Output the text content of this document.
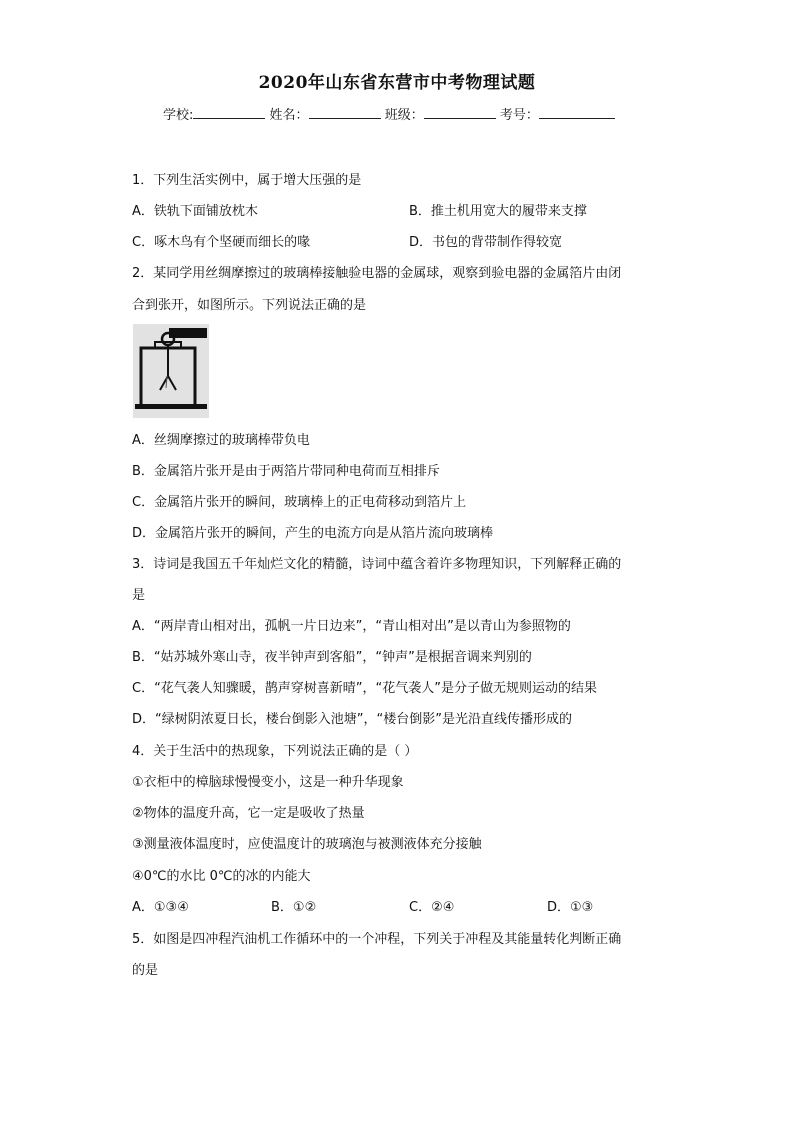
2020年山东省东营市中考物理试题
学校:	姓名：	班级：	考号：
1．下列生活实例中，属于增大压强的是
A．铁轨下面铺放枕木	B．推土机用宽大的履带来支撑
C．啄木鸟有个坚硬而细长的喙	D．书包的背带制作得较宽
2．某同学用丝绸摩擦过的玻璃棒接触验电器的金属球，观察到验电器的金属箔片由闭
合到张开，如图所示。下列说法正确的是
A．丝绸摩擦过的玻璃棒带负电
B．金属箔片张开是由于两箔片带同种电荷而互相排斥
C．金属箔片张开的瞬间，玻璃棒上的正电荷移动到箔片上
D．金属箔片张开的瞬间，产生的电流方向是从箔片流向玻璃棒
3．诗词是我国五千年灿烂文化的精髓，诗词中蕴含着许多物理知识，下列解释正确的
是
A．“两岸青山相对出，孤帆一片日边来”，“青山相对出”是以青山为参照物的
B．“姑苏城外寒山寺，夜半钟声到客船”，“钟声”是根据音调来判别的
C．“花气袭人知骤暖，鹊声穿树喜新晴”，“花气袭人”是分子做无规则运动的结果
D．“绿树阴浓夏日长，楼台倒影入池塘”，“楼台倒影”是光沿直线传播形成的
4．关于生活中的热现象，下列说法正确的是（ ）
①衣柜中的樟脑球慢慢变小，这是一种升华现象
②物体的温度升高，它一定是吸收了热量
③测量液体温度时，应使温度计的玻璃泡与被测液体充分接触
④0℃的水比 0℃的冰的内能大
A．①③④	B．①②	C．②④	D．①③
5．如图是四冲程汽油机工作循环中的一个冲程，下列关于冲程及其能量转化判断正确
的是
